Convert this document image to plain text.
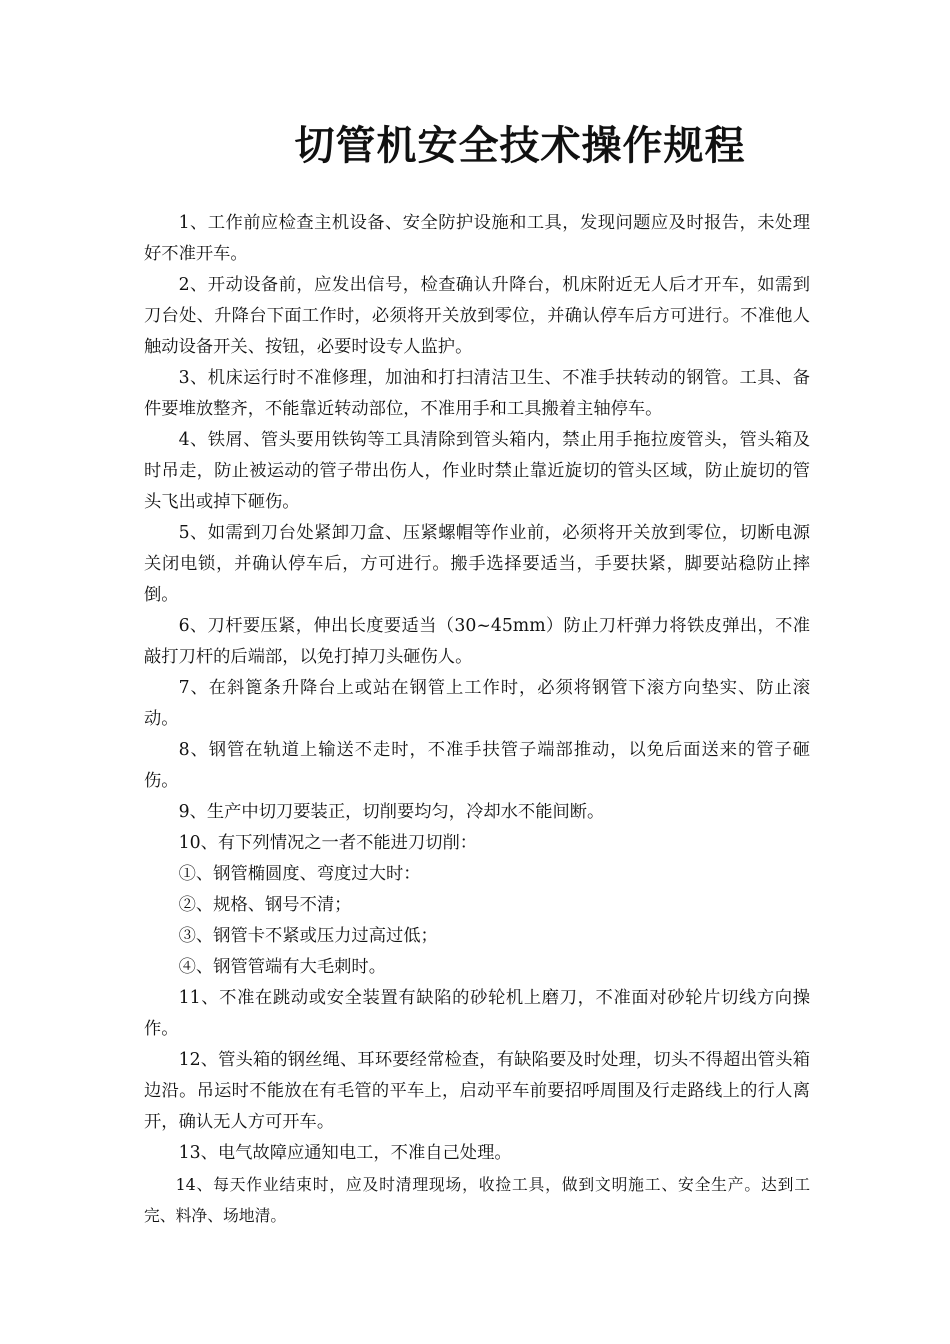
切管机安全技术操作规程

1、工作前应检查主机设备、安全防护设施和工具，发现问题应及时报告，未处理好不准开车。

2、开动设备前，应发出信号，检查确认升降台，机床附近无人后才开车，如需到刀台处、升降台下面工作时，必须将开关放到零位，并确认停车后方可进行。不准他人触动设备开关、按钮，必要时设专人监护。

3、机床运行时不准修理，加油和打扫清洁卫生、不准手扶转动的钢管。工具、备件要堆放整齐，不能靠近转动部位，不准用手和工具搬着主轴停车。

4、铁屑、管头要用铁钩等工具清除到管头箱内，禁止用手拖拉废管头，管头箱及时吊走，防止被运动的管子带出伤人，作业时禁止靠近旋切的管头区域，防止旋切的管头飞出或掉下砸伤。

5、如需到刀台处紧卸刀盒、压紧螺帽等作业前，必须将开关放到零位，切断电源关闭电锁，并确认停车后，方可进行。搬手选择要适当，手要扶紧，脚要站稳防止摔倒。

6、刀杆要压紧，伸出长度要适当（30~45mm）防止刀杆弹力将铁皮弹出，不准敲打刀杆的后端部，以免打掉刀头砸伤人。

7、在斜篦条升降台上或站在钢管上工作时，必须将钢管下滚方向垫实、防止滚动。

8、钢管在轨道上输送不走时，不准手扶管子端部推动，以免后面送来的管子砸伤。

9、生产中切刀要装正，切削要均匀，冷却水不能间断。

10、有下列情况之一者不能进刀切削：

①、钢管椭圆度、弯度过大时：

②、规格、钢号不清；

③、钢管卡不紧或压力过高过低；

④、钢管管端有大毛刺时。

11、不准在跳动或安全装置有缺陷的砂轮机上磨刀，不准面对砂轮片切线方向操作。

12、管头箱的钢丝绳、耳环要经常检查，有缺陷要及时处理，切头不得超出管头箱边沿。吊运时不能放在有毛管的平车上，启动平车前要招呼周围及行走路线上的行人离开，确认无人方可开车。

13、电气故障应通知电工，不准自己处理。

14、每天作业结束时，应及时清理现场，收捡工具，做到文明施工、安全生产。达到工完、料净、场地清。
